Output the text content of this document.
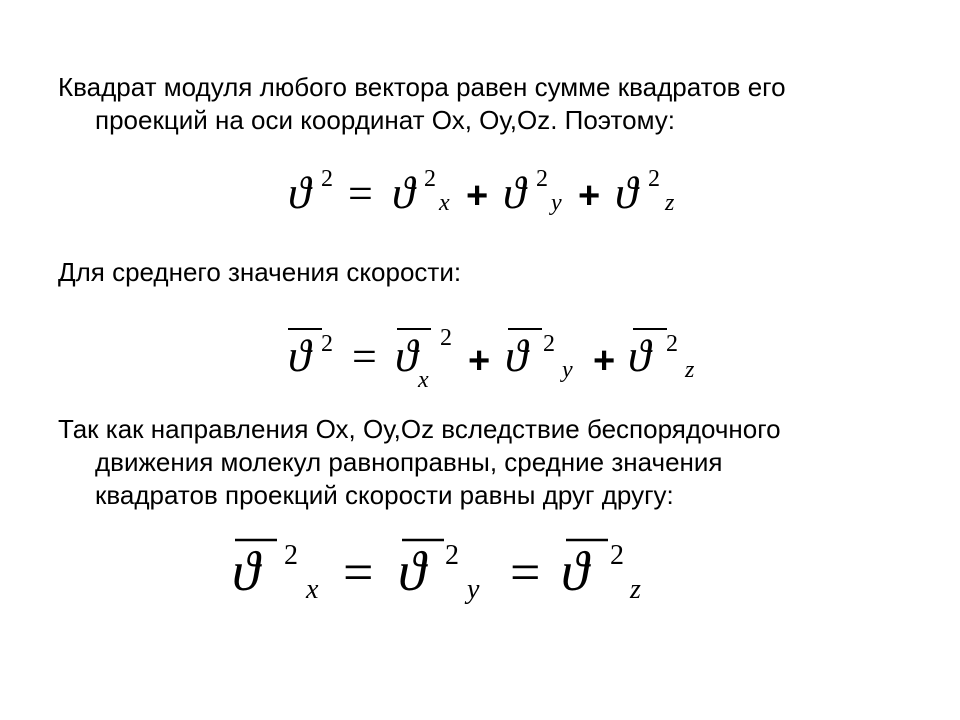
Квадрат модуля любого вектора равен сумме квадратов его
проекций на оси координат Ох, Оу,Оz. Поэтому:
ϑ 2 = ϑ 2
x + ϑ 2
y + ϑ 2
z
Для среднего значения скорости:
ϑ 2 = ϑ 2
x + ϑ 2
y + ϑ 2
z
Так как направления Ох, Оу,Оz вследствие беспорядочного
движения молекул равноправны, средние значения
квадратов проекций скорости равны друг другу:
ϑ 2
x = ϑ 2
y = ϑ 2
z
